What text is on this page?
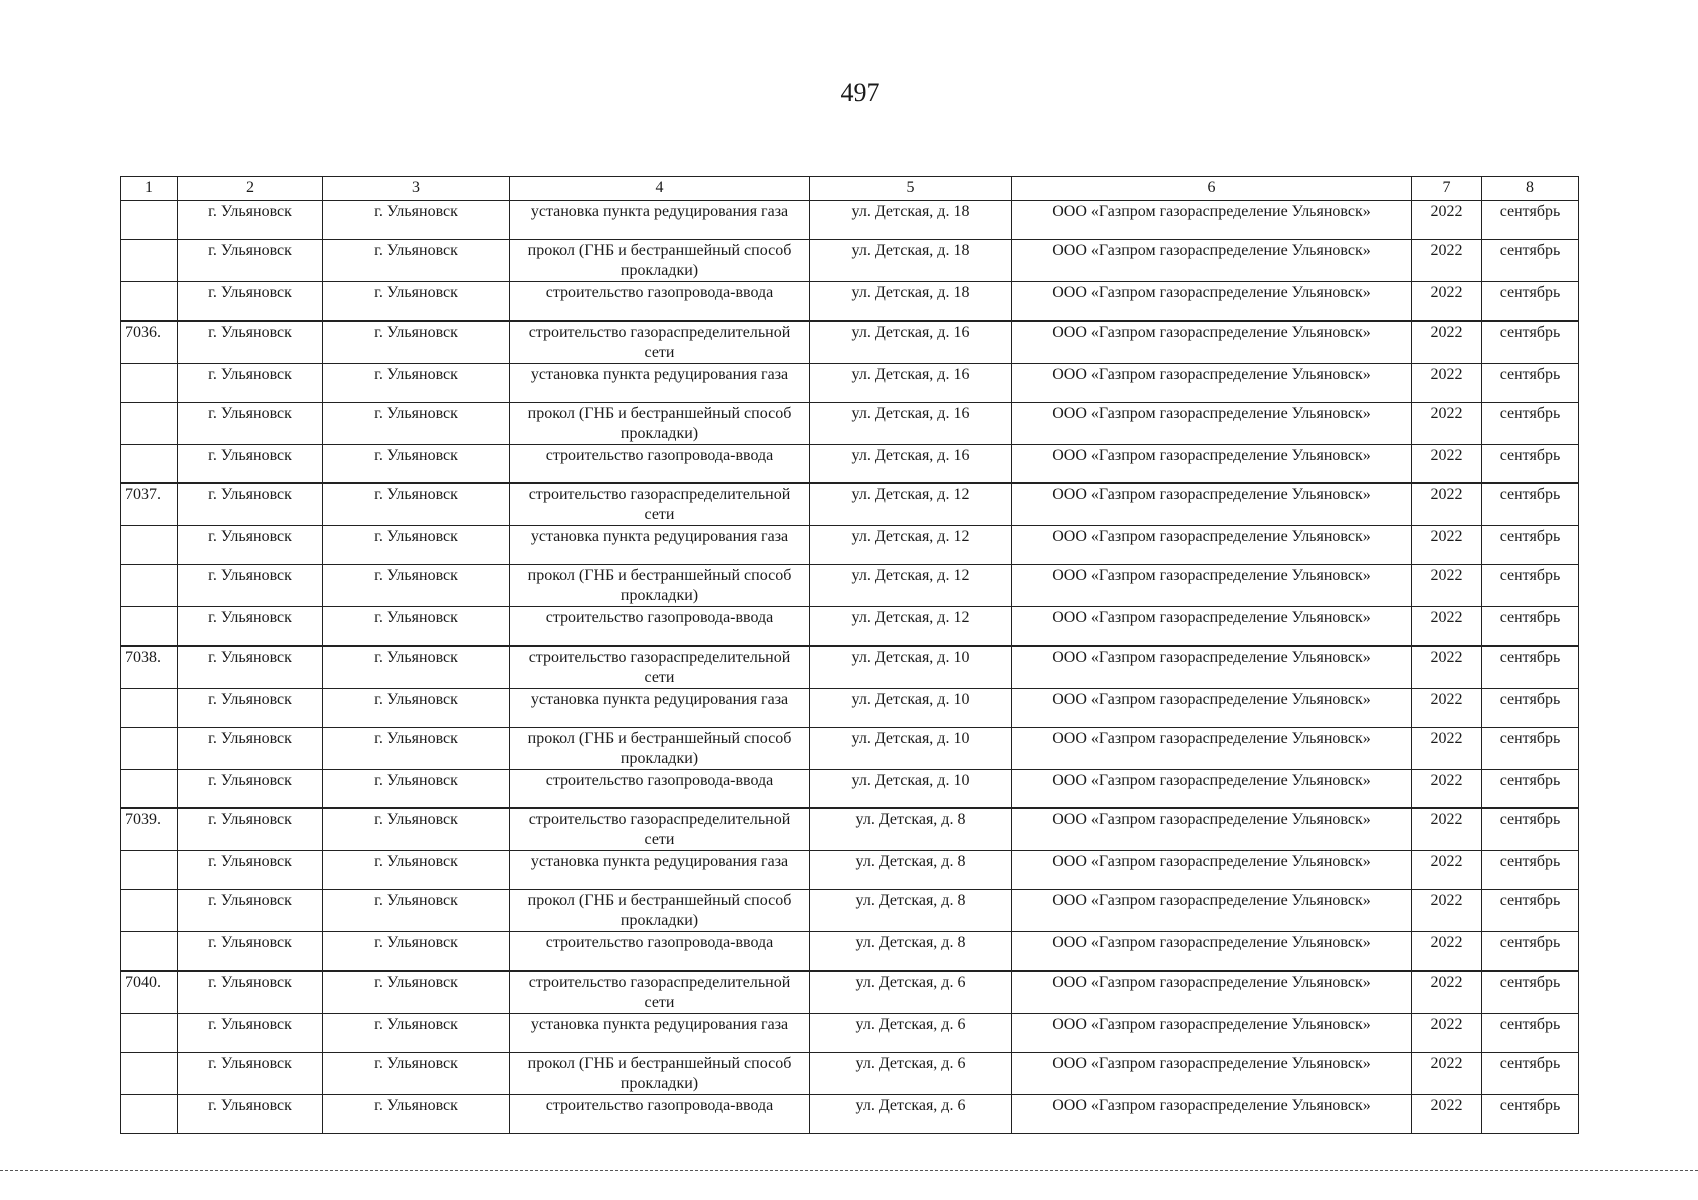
497
1	2	3	4	5	6	7	8
	г. Ульяновск	г. Ульяновск	установка пункта редуцирования газа	ул. Детская, д. 18	ООО «Газпром газораспределение Ульяновск»	2022	сентябрь
	г. Ульяновск	г. Ульяновск	прокол (ГНБ и бестраншейный способ прокладки)	ул. Детская, д. 18	ООО «Газпром газораспределение Ульяновск»	2022	сентябрь
	г. Ульяновск	г. Ульяновск	строительство газопровода-ввода	ул. Детская, д. 18	ООО «Газпром газораспределение Ульяновск»	2022	сентябрь
7036.	г. Ульяновск	г. Ульяновск	строительство газораспределительной сети	ул. Детская, д. 16	ООО «Газпром газораспределение Ульяновск»	2022	сентябрь
	г. Ульяновск	г. Ульяновск	установка пункта редуцирования газа	ул. Детская, д. 16	ООО «Газпром газораспределение Ульяновск»	2022	сентябрь
	г. Ульяновск	г. Ульяновск	прокол (ГНБ и бестраншейный способ прокладки)	ул. Детская, д. 16	ООО «Газпром газораспределение Ульяновск»	2022	сентябрь
	г. Ульяновск	г. Ульяновск	строительство газопровода-ввода	ул. Детская, д. 16	ООО «Газпром газораспределение Ульяновск»	2022	сентябрь
7037.	г. Ульяновск	г. Ульяновск	строительство газораспределительной сети	ул. Детская, д. 12	ООО «Газпром газораспределение Ульяновск»	2022	сентябрь
	г. Ульяновск	г. Ульяновск	установка пункта редуцирования газа	ул. Детская, д. 12	ООО «Газпром газораспределение Ульяновск»	2022	сентябрь
	г. Ульяновск	г. Ульяновск	прокол (ГНБ и бестраншейный способ прокладки)	ул. Детская, д. 12	ООО «Газпром газораспределение Ульяновск»	2022	сентябрь
	г. Ульяновск	г. Ульяновск	строительство газопровода-ввода	ул. Детская, д. 12	ООО «Газпром газораспределение Ульяновск»	2022	сентябрь
7038.	г. Ульяновск	г. Ульяновск	строительство газораспределительной сети	ул. Детская, д. 10	ООО «Газпром газораспределение Ульяновск»	2022	сентябрь
	г. Ульяновск	г. Ульяновск	установка пункта редуцирования газа	ул. Детская, д. 10	ООО «Газпром газораспределение Ульяновск»	2022	сентябрь
	г. Ульяновск	г. Ульяновск	прокол (ГНБ и бестраншейный способ прокладки)	ул. Детская, д. 10	ООО «Газпром газораспределение Ульяновск»	2022	сентябрь
	г. Ульяновск	г. Ульяновск	строительство газопровода-ввода	ул. Детская, д. 10	ООО «Газпром газораспределение Ульяновск»	2022	сентябрь
7039.	г. Ульяновск	г. Ульяновск	строительство газораспределительной сети	ул. Детская, д. 8	ООО «Газпром газораспределение Ульяновск»	2022	сентябрь
	г. Ульяновск	г. Ульяновск	установка пункта редуцирования газа	ул. Детская, д. 8	ООО «Газпром газораспределение Ульяновск»	2022	сентябрь
	г. Ульяновск	г. Ульяновск	прокол (ГНБ и бестраншейный способ прокладки)	ул. Детская, д. 8	ООО «Газпром газораспределение Ульяновск»	2022	сентябрь
	г. Ульяновск	г. Ульяновск	строительство газопровода-ввода	ул. Детская, д. 8	ООО «Газпром газораспределение Ульяновск»	2022	сентябрь
7040.	г. Ульяновск	г. Ульяновск	строительство газораспределительной сети	ул. Детская, д. 6	ООО «Газпром газораспределение Ульяновск»	2022	сентябрь
	г. Ульяновск	г. Ульяновск	установка пункта редуцирования газа	ул. Детская, д. 6	ООО «Газпром газораспределение Ульяновск»	2022	сентябрь
	г. Ульяновск	г. Ульяновск	прокол (ГНБ и бестраншейный способ прокладки)	ул. Детская, д. 6	ООО «Газпром газораспределение Ульяновск»	2022	сентябрь
	г. Ульяновск	г. Ульяновск	строительство газопровода-ввода	ул. Детская, д. 6	ООО «Газпром газораспределение Ульяновск»	2022	сентябрь
